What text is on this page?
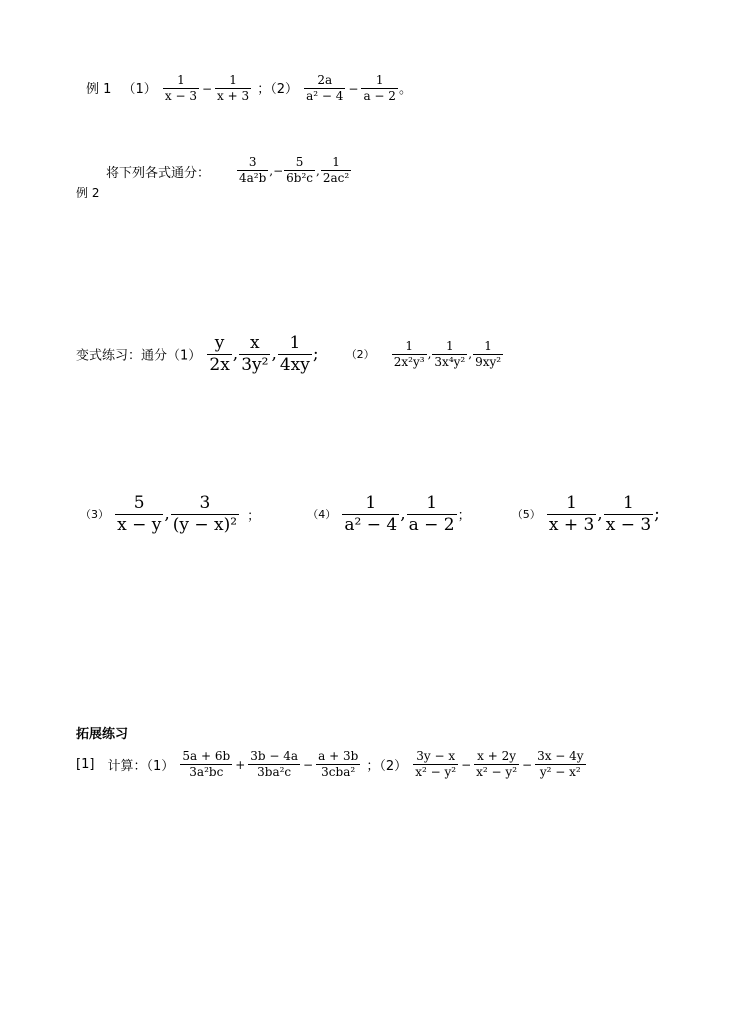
例 1 $(1) \frac{1}{x - 3} - \frac{1}{x + 3}$ ；$(2) \frac{2a}{\text{a² − 4}} - \frac{1}{a - 2}$ 。
将下列各式通分：
例 2
$\frac{3}{\text{4a²b}}$ ,− $\frac{5}{\text{6b²c}}$ , $\frac{1}{\text{2ac²}}$
变式练习：通分$(1) \frac{y}{2x}$ , $\frac{x}{\text{3y²}}$ , $\frac{1}{4xy}$ ; $(2) \frac{1}{\text{2x²y³}}$ , $\frac{1}{\text{3x⁴y²}}$ , $\frac{1}{\text{9xy²}}$
$(3) \frac{5}{x - y}$ , $\frac{3}{\text{(y − x)²}}$ ；	$(4) \frac{1}{\text{a² − 4}}$ , $\frac{1}{a - 2}$ ；	$(5) \frac{1}{x + 3}$ , $\frac{1}{x - 3}$ ;
拓展练习
[1] 计算：$(1) \frac{5a + 6b}{\text{3a²bc}} + \frac{3b - 4a}{\text{3ba²c}} - \frac{a + 3b}{\text{3cba²}}$ ；$(2) \frac{3y - x}{\text{x² − y²}} - \frac{x + 2y}{\text{x² − y²}} - \frac{3x - 4y}{\text{y² − x²}}$
